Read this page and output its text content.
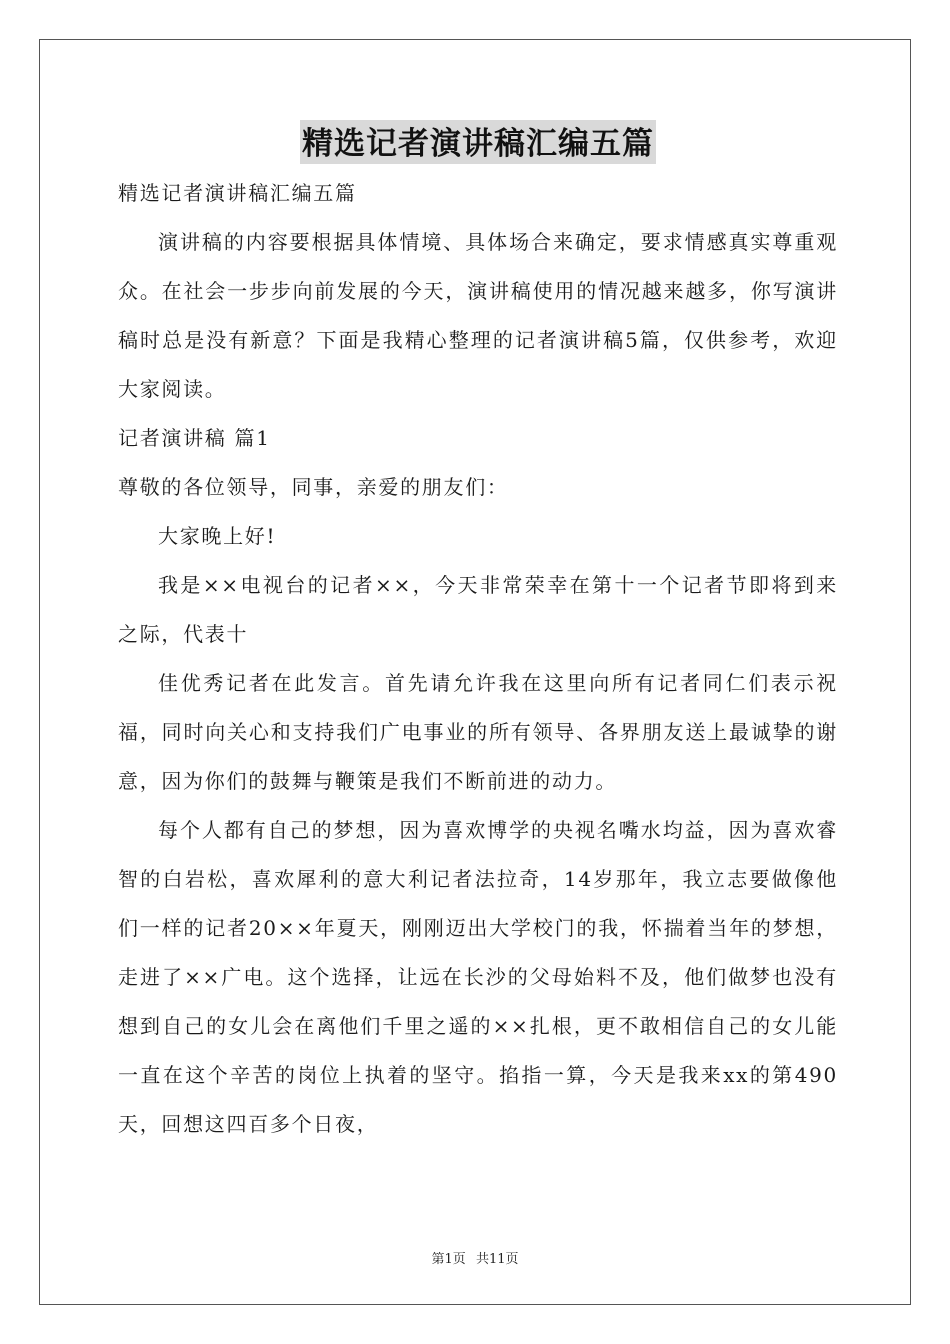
精选记者演讲稿汇编五篇

精选记者演讲稿汇编五篇

演讲稿的内容要根据具体情境、具体场合来确定，要求情感真实尊重观众。在社会一步步向前发展的今天，演讲稿使用的情况越来越多，你写演讲稿时总是没有新意？下面是我精心整理的记者演讲稿5篇，仅供参考，欢迎大家阅读。

记者演讲稿 篇1

尊敬的各位领导，同事，亲爱的朋友们：

大家晚上好!

我是××电视台的记者××，今天非常荣幸在第十一个记者节即将到来之际，代表十

佳优秀记者在此发言。首先请允许我在这里向所有记者同仁们表示祝福，同时向关心和支持我们广电事业的所有领导、各界朋友送上最诚挚的谢意，因为你们的鼓舞与鞭策是我们不断前进的动力。

每个人都有自己的梦想，因为喜欢博学的央视名嘴水均益，因为喜欢睿智的白岩松，喜欢犀利的意大利记者法拉奇，14岁那年，我立志要做像他们一样的记者20××年夏天，刚刚迈出大学校门的我，怀揣着当年的梦想，走进了××广电。这个选择，让远在长沙的父母始料不及，他们做梦也没有想到自己的女儿会在离他们千里之遥的××扎根，更不敢相信自己的女儿能一直在这个辛苦的岗位上执着的坚守。掐指一算，今天是我来xx的第490天，回想这四百多个日夜，

第1页 共11页
